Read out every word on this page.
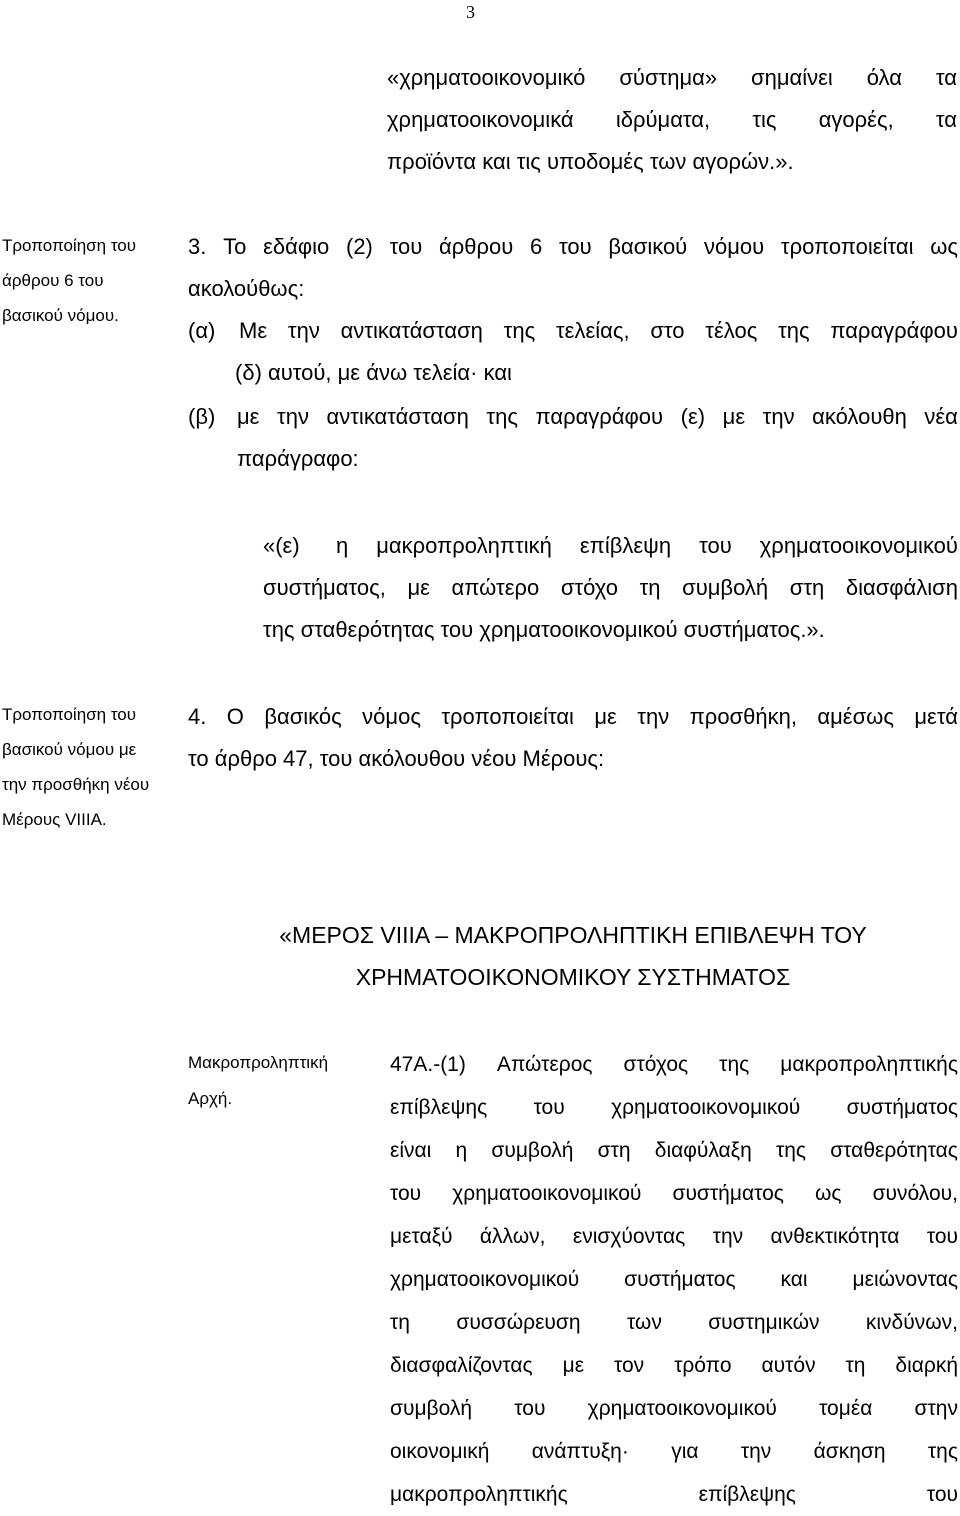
3
«χρηματοοικονομικό σύστημα» σημαίνει όλα τα
χρηματοοικονομικά ιδρύματα, τις αγορές, τα
προϊόντα και τις υποδομές των αγορών.».
Τροποποίηση του άρθρου 6 του βασικού νόμου.
3. Το εδάφιο (2) του άρθρου 6 του βασικού νόμου τροποποιείται ως
ακολούθως:
(α) Με την αντικατάσταση της τελείας, στο τέλος της παραγράφου
(δ) αυτού, με άνω τελεία· και
(β) με την αντικατάσταση της παραγράφου (ε) με την ακόλουθη νέα
παράγραφο:
«(ε) η μακροπροληπτική επίβλεψη του χρηματοοικονομικού
συστήματος, με απώτερο στόχο τη συμβολή στη διασφάλιση
της σταθερότητας του χρηματοοικονομικού συστήματος.».
Τροποποίηση του βασικού νόμου με την προσθήκη νέου Μέρους VIIIA.
4. Ο βασικός νόμος τροποποιείται με την προσθήκη, αμέσως μετά
το άρθρο 47, του ακόλουθου νέου Μέρους:
«ΜΕΡΟΣ VIIIA – ΜΑΚΡΟΠΡΟΛΗΠΤΙΚΗ ΕΠΙΒΛΕΨΗ ΤΟΥ
ΧΡΗΜΑΤΟΟΙΚΟΝΟΜΙΚΟΥ ΣΥΣΤΗΜΑΤΟΣ
Μακροπροληπτική Αρχή.
47Α.-(1) Απώτερος στόχος της μακροπροληπτικής
επίβλεψης του χρηματοοικονομικού συστήματος
είναι η συμβολή στη διαφύλαξη της σταθερότητας
του χρηματοοικονομικού συστήματος ως συνόλου,
μεταξύ άλλων, ενισχύοντας την ανθεκτικότητα του
χρηματοοικονομικού συστήματος και μειώνοντας
τη συσσώρευση των συστημικών κινδύνων,
διασφαλίζοντας με τον τρόπο αυτόν τη διαρκή
συμβολή του χρηματοοικονομικού τομέα στην
οικονομική ανάπτυξη· για την άσκηση της
μακροπροληπτικής	επίβλεψης	του
